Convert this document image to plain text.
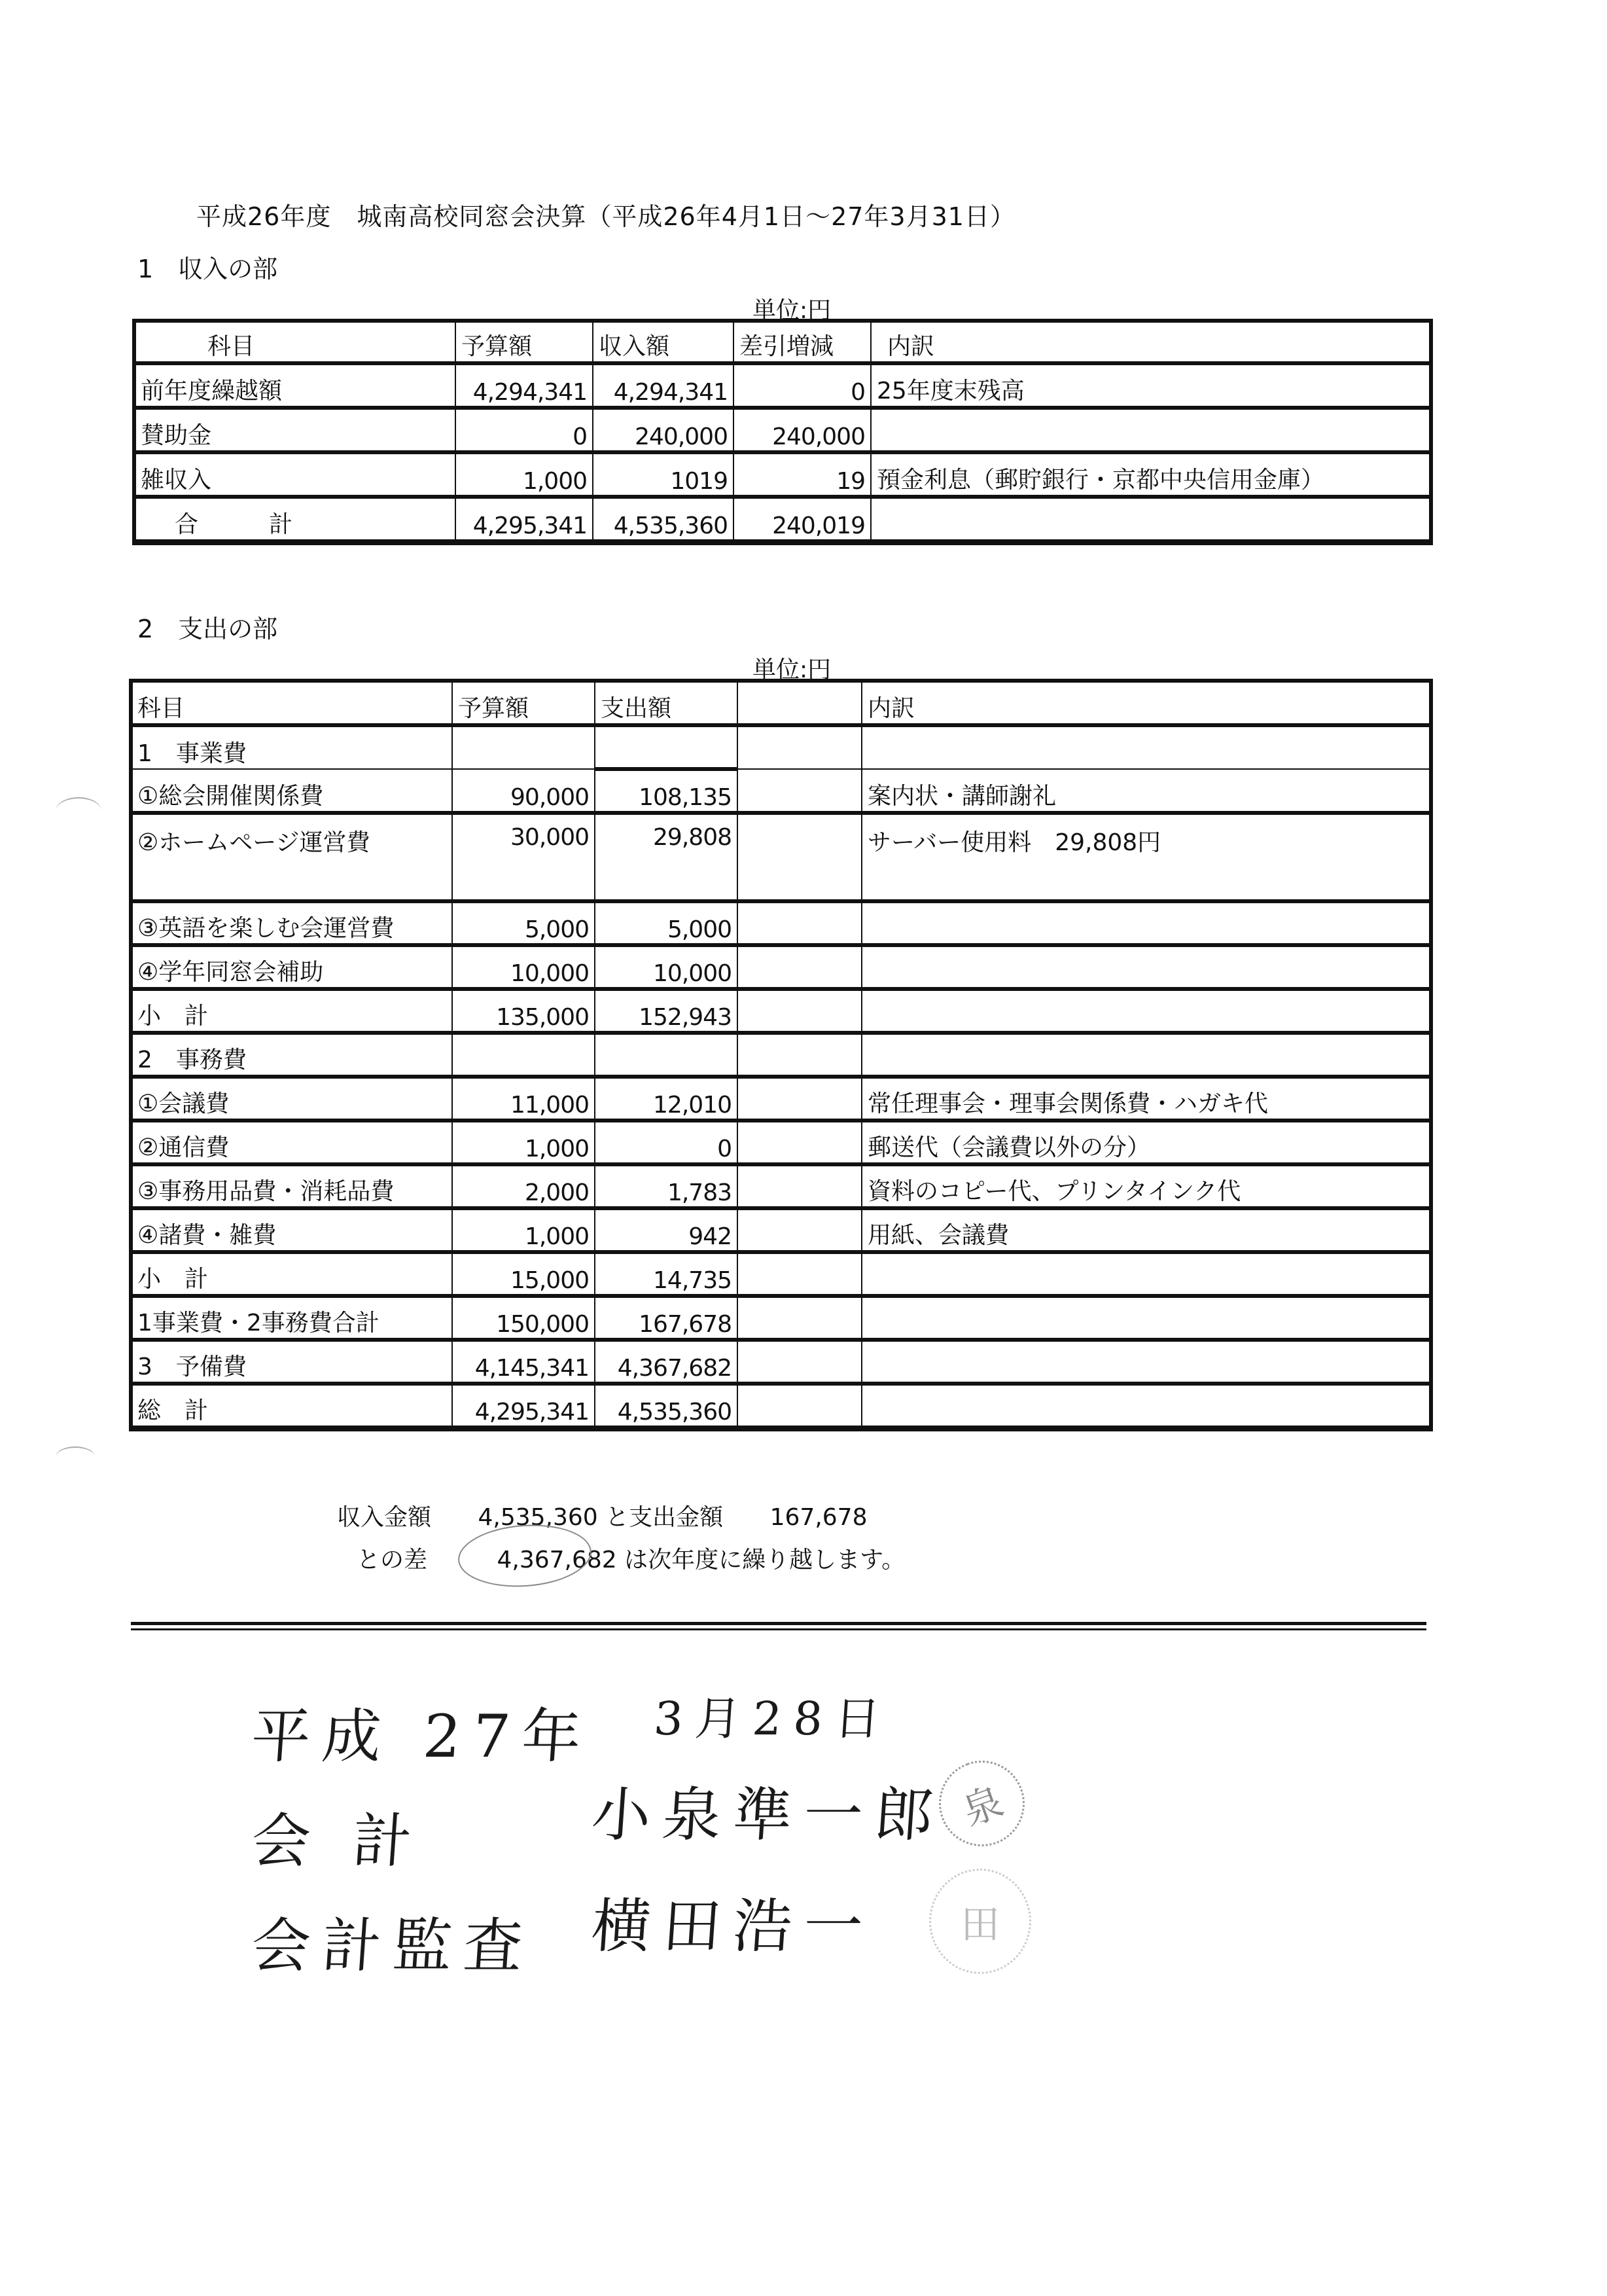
平成26年度　城南高校同窓会決算（平成26年4月1日～27年3月31日）
1　収入の部
単位:円
科目	予算額	収入額	差引増減	内訳
前年度繰越額	4,294,341	4,294,341	0	25年度末残高
賛助金	0	240,000	240,000	
雑収入	1,000	1019	19	預金利息（郵貯銀行・京都中央信用金庫）
合　　　計	4,295,341	4,535,360	240,019	
2　支出の部
単位:円
科目	予算額	支出額		内訳
1　事業費				
①総会開催関係費	90,000	108,135		案内状・講師謝礼
②ホームページ運営費	30,000	29,808		サーバー使用料　29,808円
③英語を楽しむ会運営費	5,000	5,000		
④学年同窓会補助	10,000	10,000		
小　計	135,000	152,943		
2　事務費				
①会議費	11,000	12,010		常任理事会・理事会関係費・ハガキ代
②通信費	1,000	0		郵送代（会議費以外の分）
③事務用品費・消耗品費	2,000	1,783		資料のコピー代、プリンタインク代
④諸費・雑費	1,000	942		用紙、会議費
小　計	15,000	14,735		
1事業費・2事務費合計	150,000	167,678		
3　予備費	4,145,341	4,367,682		
総　計	4,295,341	4,535,360		
収入金額 4,535,360 と支出金額 167,678
との差	4,367,682 は次年度に繰り越します。
平成 27年 3月28日
会 計	小泉準一郎 泉
会計監査 横田浩一	田
